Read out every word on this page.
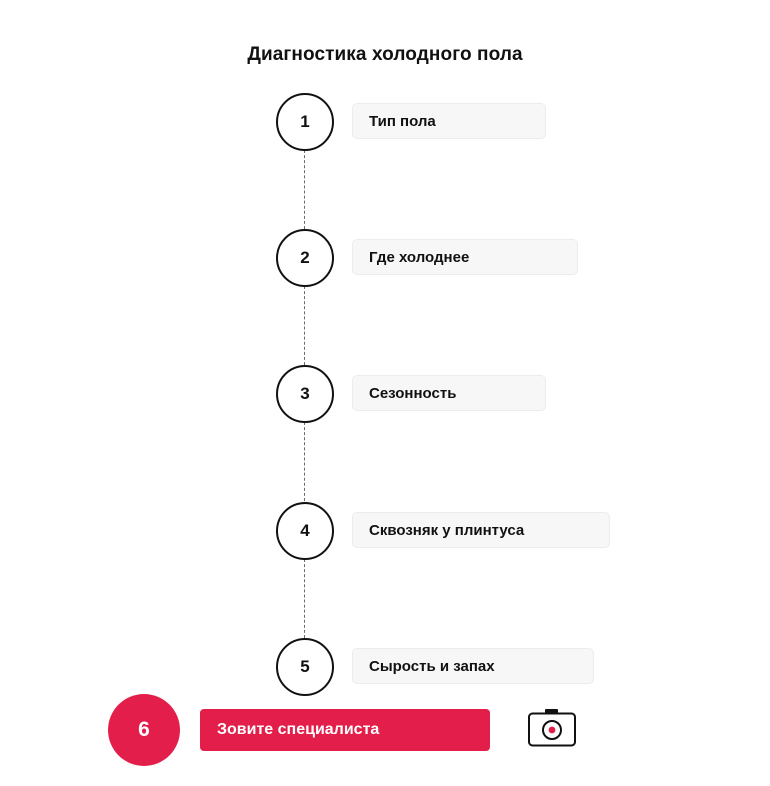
Диагностика холодного пола
1	Тип пола
2	Где холоднее
3	Сезонность
4	Сквозняк у плинтуса
5	Сырость и запах
6	Зовите специалиста
